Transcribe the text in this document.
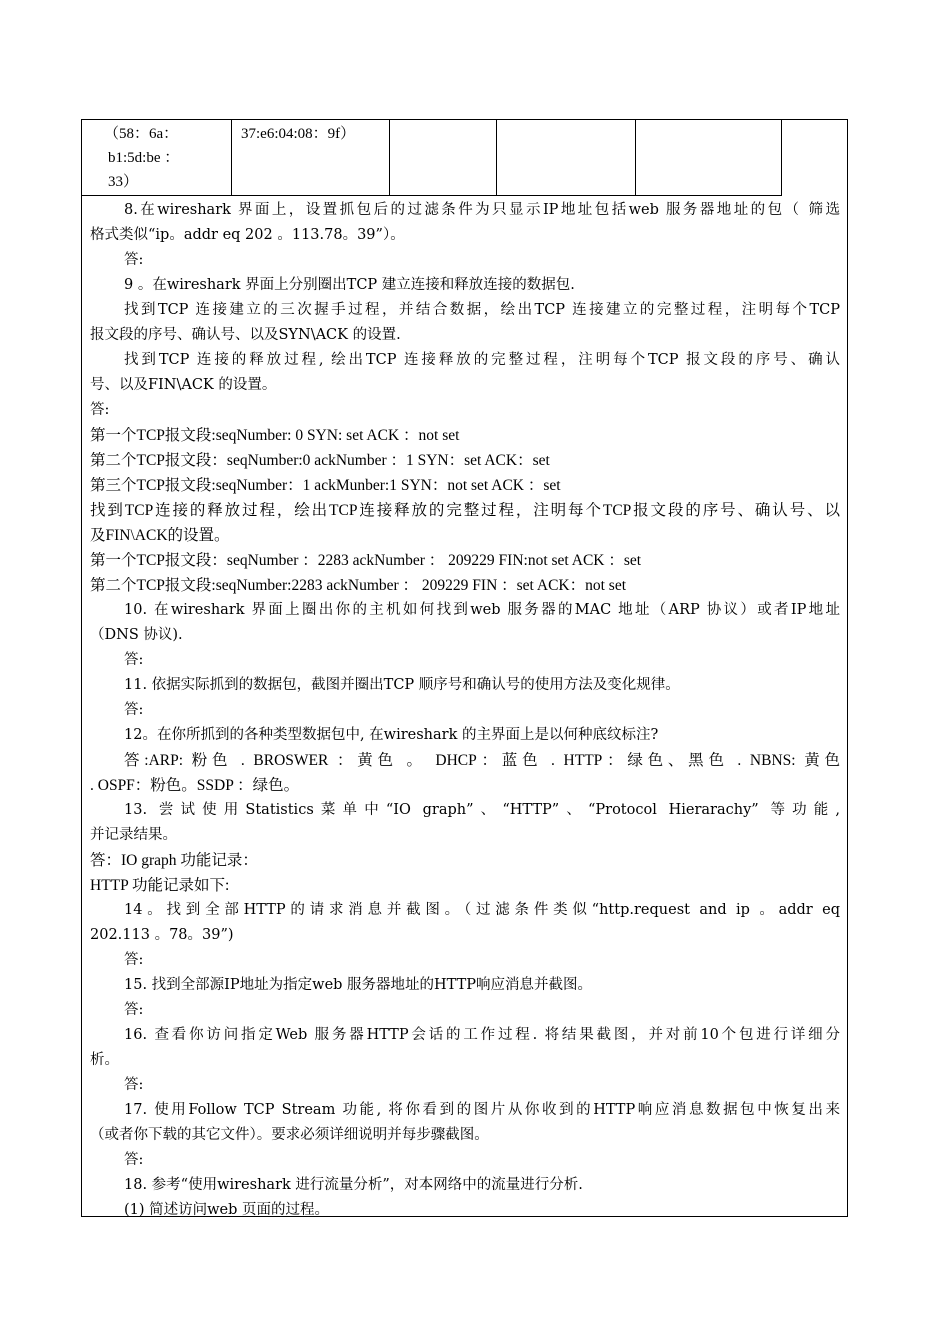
（58：6a：
b1:5d:be ：
33）
37:e6:04:08：9f）
8.在wireshark 界面上，设置抓包后的过滤条件为只显示IP地址包括web 服务器地址的包（ 筛选
格式类似“ip。addr eq 202 。113.78。39”）。
答:
9 。在wireshark 界面上分别圈出TCP 建立连接和释放连接的数据包.
找到TCP 连接建立的三次握手过程，并结合数据，绘出TCP 连接建立的完整过程，注明每个TCP
报文段的序号、确认号、以及SYN\ACK 的设置.
找到TCP 连接的释放过程, 绘出TCP 连接释放的完整过程，注明每个TCP 报文段的序号、确认
号、以及FIN\ACK 的设置。
答:
第一个TCP报文段:seqNumber: 0 SYN: set ACK ：not set
第二个TCP报文段：seqNumber:0 ackNumber ：1 SYN：set ACK：set
第三个TCP报文段:seqNumber：1 ackMunber:1 SYN：not set ACK ：set
找到TCP连接的释放过程，绘出TCP连接释放的完整过程，注明每个TCP报文段的序号、确认号、以
及FIN\ACK的设置。
第一个TCP报文段：seqNumber ：2283 ackNumber ： 209229 FIN:not set ACK ：set
第二个TCP报文段:seqNumber:2283 ackNumber ： 209229 FIN ：set ACK：not set
10. 在wireshark 界面上圈出你的主机如何找到web 服务器的MAC 地址（ARP 协议）或者IP地址
（DNS 协议).
答:
11. 依据实际抓到的数据包，截图并圈出TCP 顺序号和确认号的使用方法及变化规律。
答:
12。在你所抓到的各种类型数据包中, 在wireshark 的主界面上是以何种底纹标注?
答:ARP: 粉色 . BROSWER ：黄色 。 DHCP：蓝色 . HTTP：绿色、黑色 . NBNS: 黄色
. OSPF：粉色。SSDP ：绿色。
13. 尝试使用Statistics菜单中“IO graph”、“HTTP”、“Protocol Hierarachy” 等功能,
并记录结果。
答：IO graph 功能记录：
HTTP 功能记录如下:
14。找到全部HTTP的请求消息并截图。（过滤条件类似“http.request and ip 。addr eq
202.113 。78。39”)
答:
15. 找到全部源IP地址为指定web 服务器地址的HTTP响应消息并截图。
答:
16. 查看你访问指定Web 服务器HTTP会话的工作过程. 将结果截图，并对前10个包进行详细分
析。
答:
17. 使用Follow TCP Stream 功能, 将你看到的图片从你收到的HTTP响应消息数据包中恢复出来
（或者你下载的其它文件）。要求必须详细说明并每步骤截图。
答:
18. 参考“使用wireshark 进行流量分析”，对本网络中的流量进行分析.
(1) 简述访问web 页面的过程。
